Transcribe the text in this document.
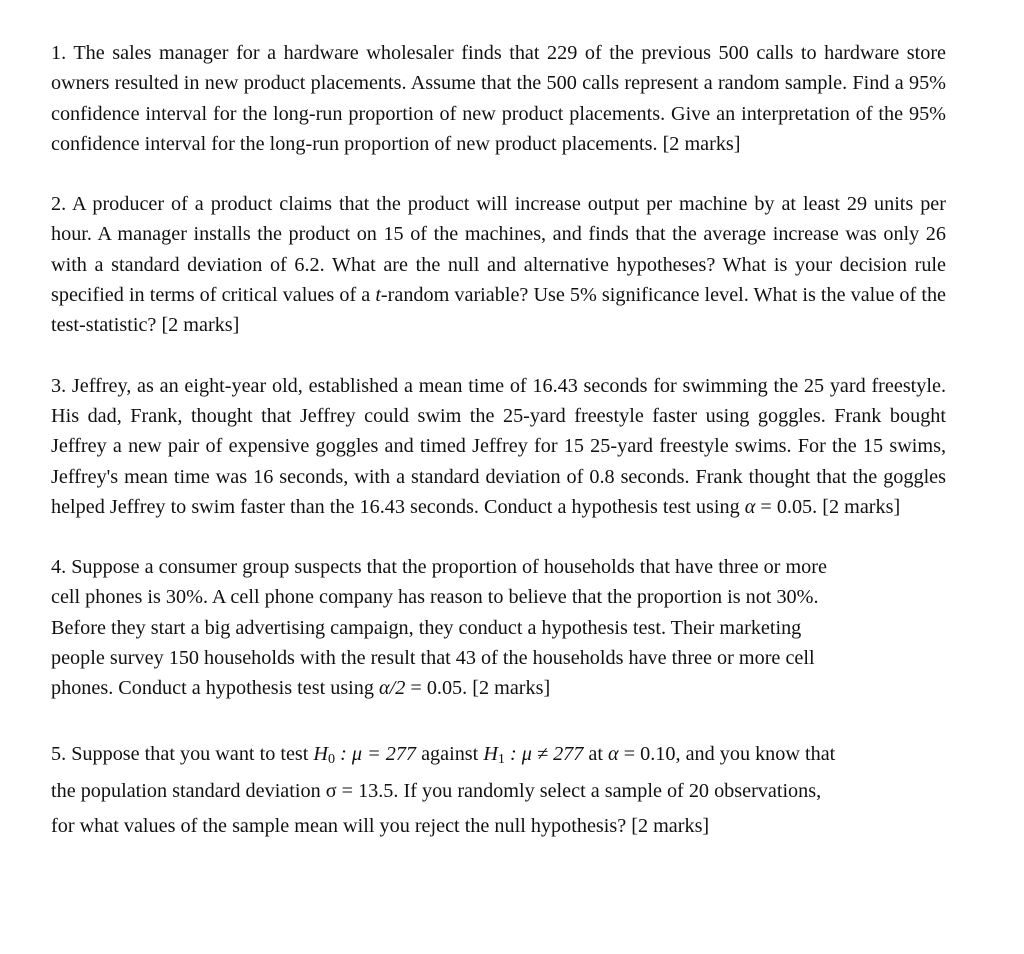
1. The sales manager for a hardware wholesaler finds that 229 of the previous 500 calls to hardware store owners resulted in new product placements. Assume that the 500 calls represent a random sample. Find a 95% confidence interval for the long-run proportion of new product placements. Give an interpretation of the 95% confidence interval for the long-run proportion of new product placements. [2 marks]

2. A producer of a product claims that the product will increase output per machine by at least 29 units per hour. A manager installs the product on 15 of the machines, and finds that the average increase was only 26 with a standard deviation of 6.2. What are the null and alternative hypotheses? What is your decision rule specified in terms of critical values of a t-random variable? Use 5% significance level. What is the value of the test-statistic? [2 marks]

3. Jeffrey, as an eight-year old, established a mean time of 16.43 seconds for swimming the 25 yard freestyle. His dad, Frank, thought that Jeffrey could swim the 25-yard freestyle faster using goggles. Frank bought Jeffrey a new pair of expensive goggles and timed Jeffrey for 15 25-yard freestyle swims. For the 15 swims, Jeffrey's mean time was 16 seconds, with a standard deviation of 0.8 seconds. Frank thought that the goggles helped Jeffrey to swim faster than the 16.43 seconds. Conduct a hypothesis test using α = 0.05. [2 marks]

4. Suppose a consumer group suspects that the proportion of households that have three or more
cell phones is 30%. A cell phone company has reason to believe that the proportion is not 30%.
Before they start a big advertising campaign, they conduct a hypothesis test. Their marketing
people survey 150 households with the result that 43 of the households have three or more cell
phones. Conduct a hypothesis test using α/2 = 0.05. [2 marks]

5. Suppose that you want to test H0 : μ = 277 against H1 : μ ≠ 277 at α = 0.10, and you know that
the population standard deviation σ = 13.5. If you randomly select a sample of 20 observations,
for what values of the sample mean will you reject the null hypothesis? [2 marks]
